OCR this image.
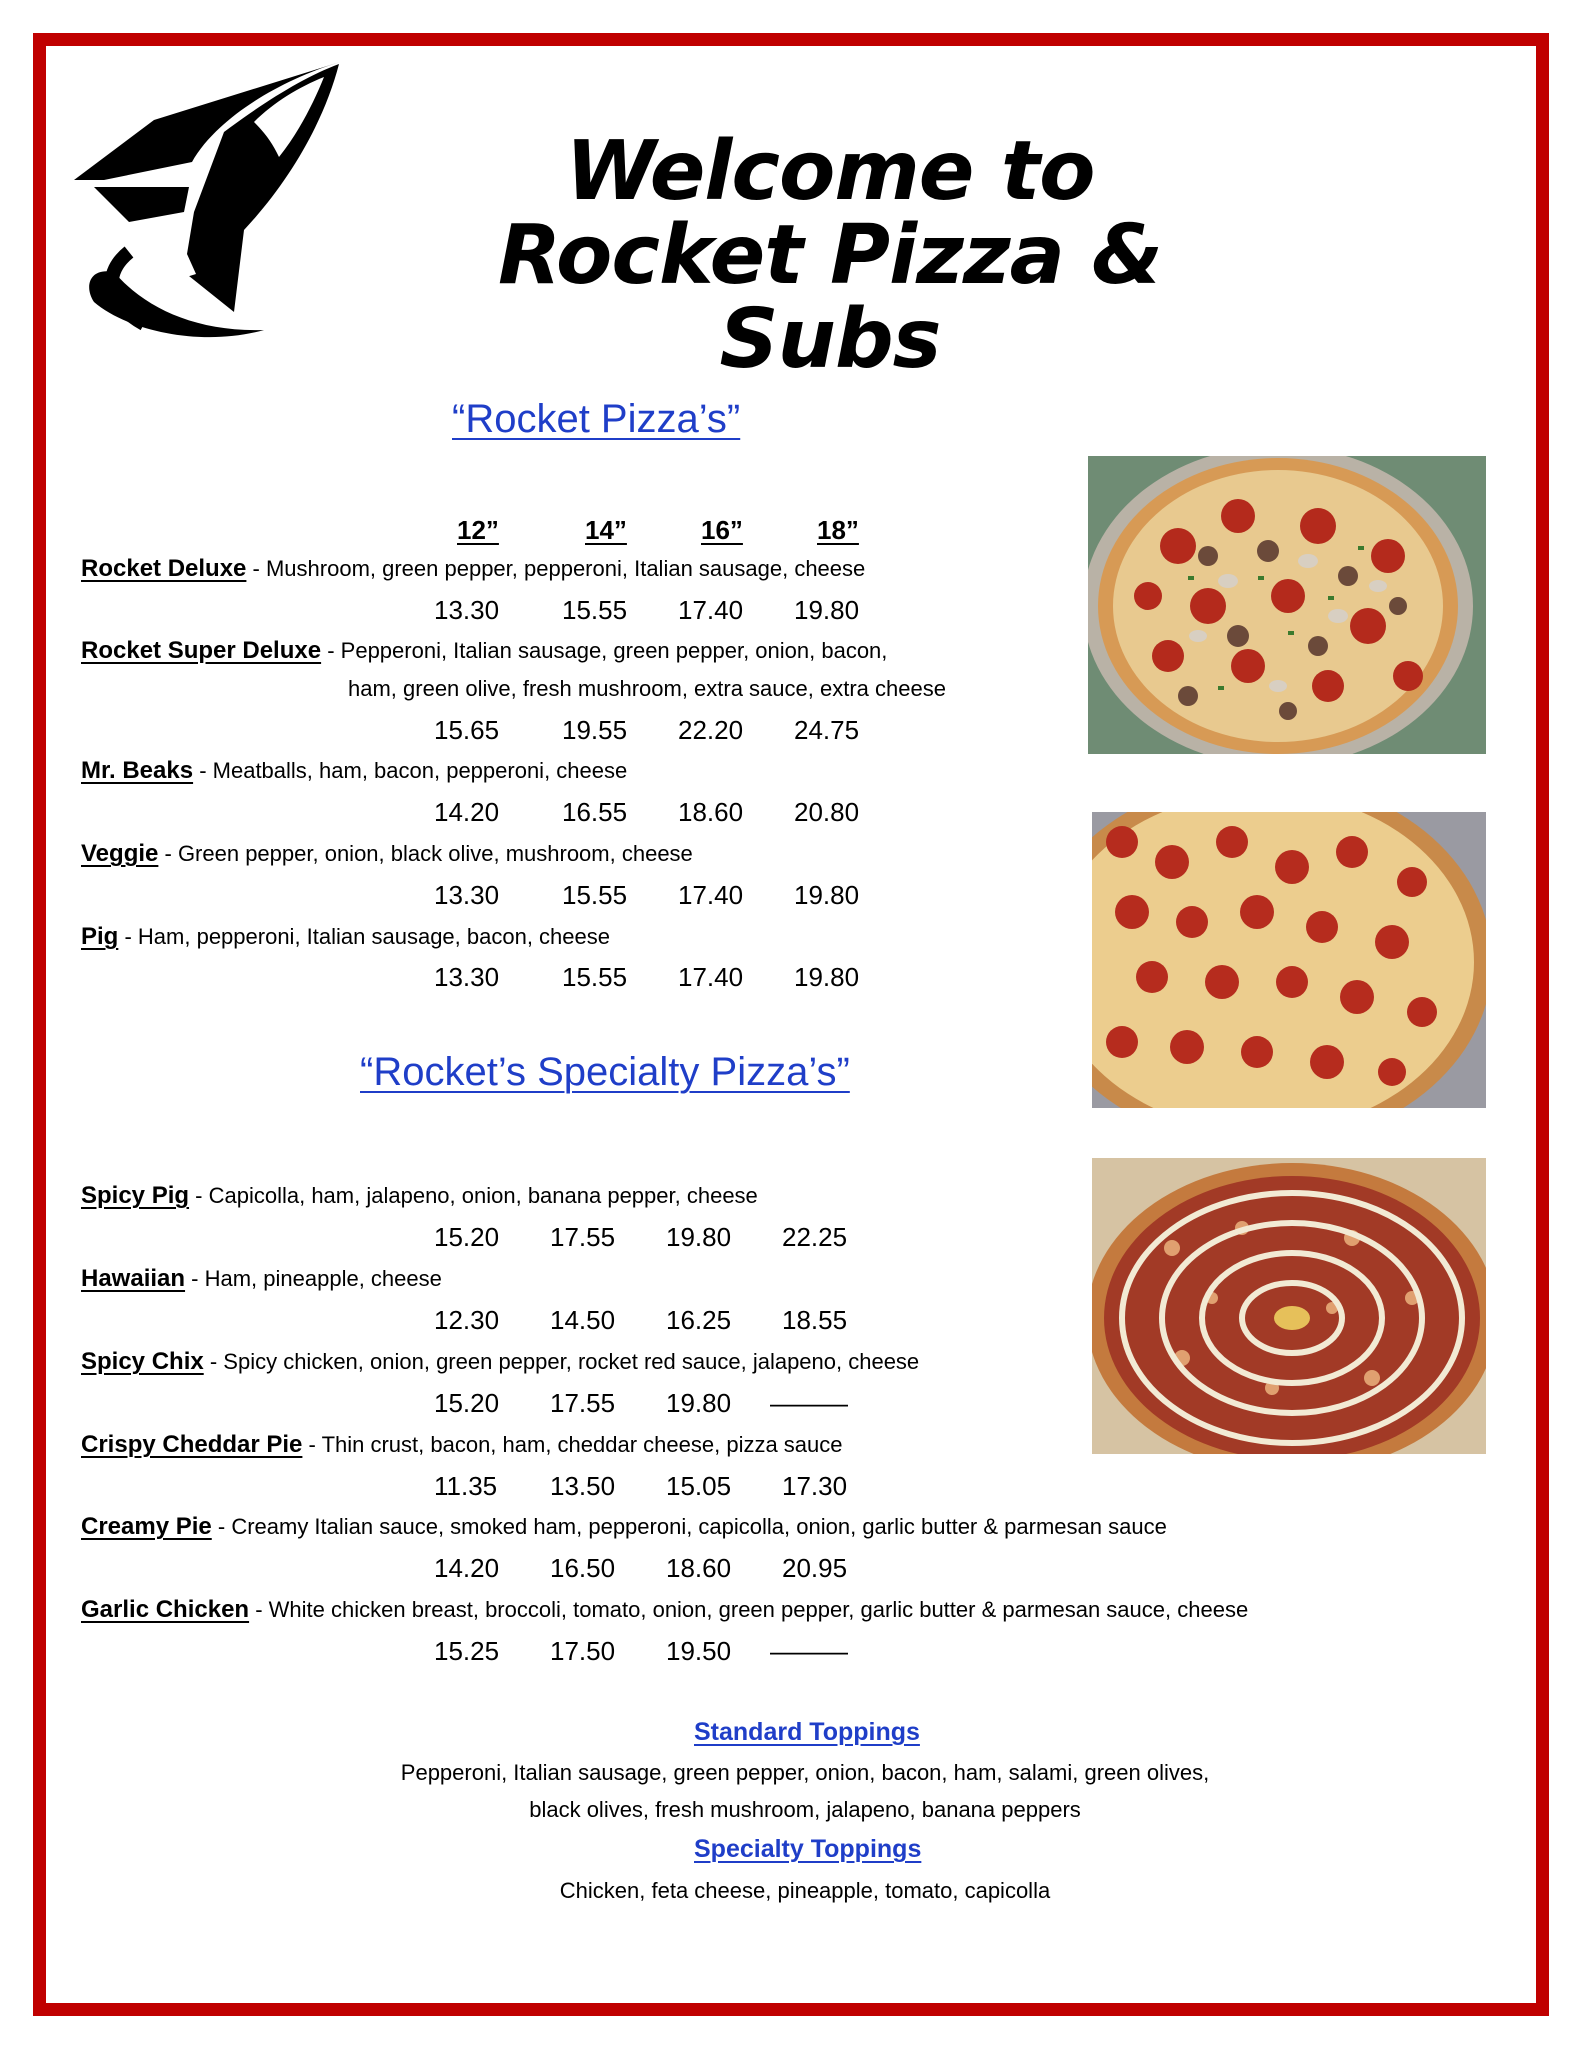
Welcome to
Rocket Pizza & Subs
“Rocket Pizza’s”
12”	14”	16”	18”
Rocket Deluxe - Mushroom, green pepper, pepperoni, Italian sausage, cheese
13.30 15.55 17.40 19.80
Rocket Super Deluxe - Pepperoni, Italian sausage, green pepper, onion, bacon,
ham, green olive, fresh mushroom, extra sauce, extra cheese
15.65 19.55 22.20 24.75
Mr. Beaks - Meatballs, ham, bacon, pepperoni, cheese
14.20 16.55 18.60 20.80
Veggie - Green pepper, onion, black olive, mushroom, cheese
13.30 15.55 17.40 19.80
Pig - Ham, pepperoni, Italian sausage, bacon, cheese
13.30 15.55 17.40 19.80
“Rocket’s Specialty Pizza’s”
Spicy Pig - Capicolla, ham, jalapeno, onion, banana pepper, cheese
15.20 17.55 19.80 22.25
Hawaiian - Ham, pineapple, cheese
12.30 14.50 16.25 18.55
Spicy Chix - Spicy chicken, onion, green pepper, rocket red sauce, jalapeno, cheese
15.20 17.55 19.80 ———
Crispy Cheddar Pie - Thin crust, bacon, ham, cheddar cheese, pizza sauce
11.35 13.50 15.05 17.30
Creamy Pie - Creamy Italian sauce, smoked ham, pepperoni, capicolla, onion, garlic butter & parmesan sauce
14.20 16.50 18.60 20.95
Garlic Chicken - White chicken breast, broccoli, tomato, onion, green pepper, garlic butter & parmesan sauce, cheese
15.25 17.50 19.50 ———
Standard Toppings
Pepperoni, Italian sausage, green pepper, onion, bacon, ham, salami, green olives,
black olives, fresh mushroom, jalapeno, banana peppers
Specialty Toppings
Chicken, feta cheese, pineapple, tomato, capicolla
